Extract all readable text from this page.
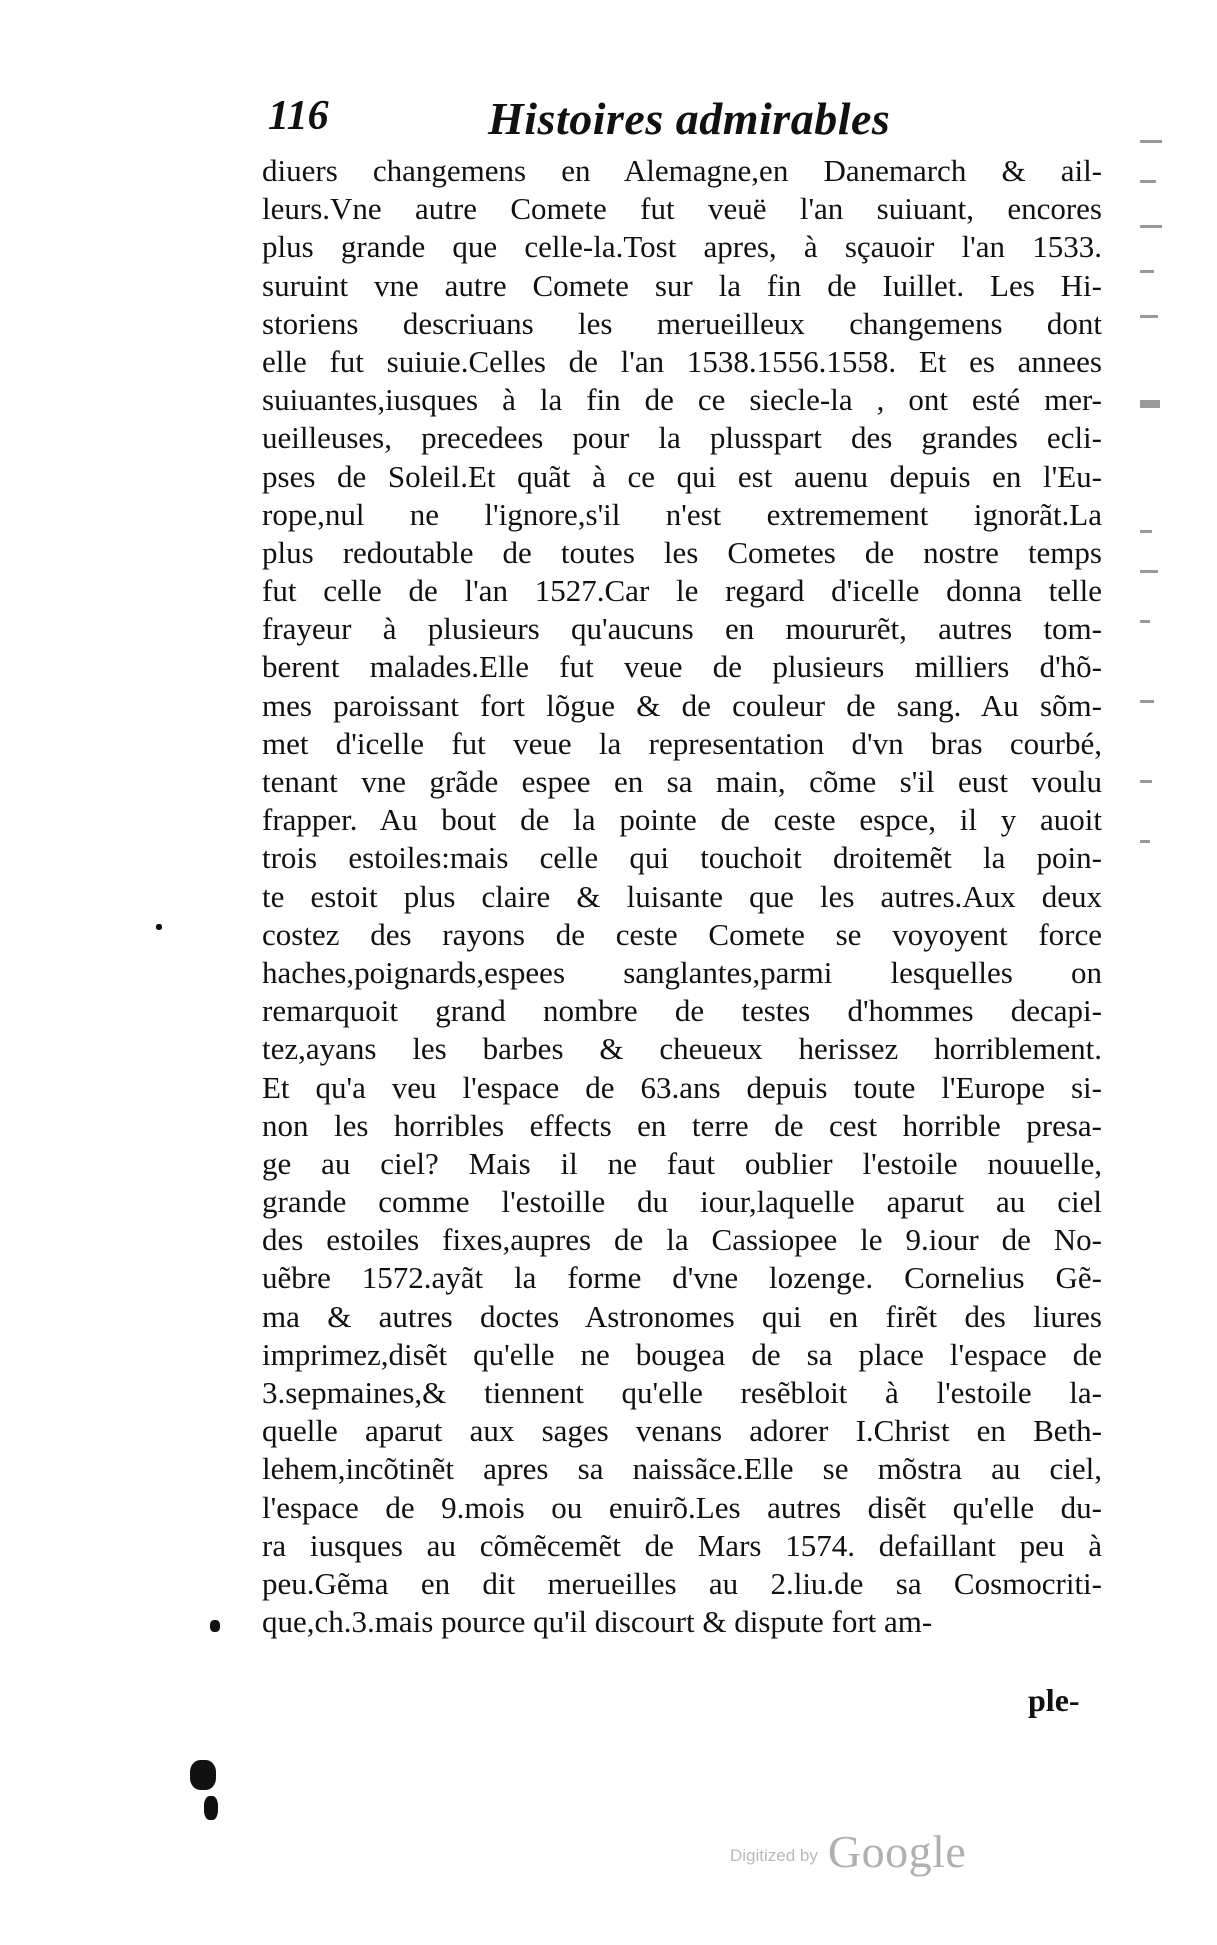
116	Histoires admirables
diuers changemens en Alemagne,en Danemarch & ail-
leurs.Vne autre Comete fut veuë l'an suiuant, encores
plus grande que celle-la.Tost apres, à sçauoir l'an 1533.
suruint vne autre Comete sur la fin de Iuillet. Les Hi-
storiens descriuans les merueilleux changemens dont
elle fut suiuie.Celles de l'an 1538.1556.1558. Et es annees
suiuantes,iusques à la fin de ce siecle-la , ont esté mer-
ueilleuses, precedees pour la plusspart des grandes ecli-
pses de Soleil.Et quãt à ce qui est auenu depuis en l'Eu-
rope,nul ne l'ignore,s'il n'est extremement ignorãt.La
plus redoutable de toutes les Cometes de nostre temps
fut celle de l'an 1527.Car le regard d'icelle donna telle
frayeur à plusieurs qu'aucuns en moururẽt, autres tom-
berent malades.Elle fut veue de plusieurs milliers d'hõ-
mes paroissant fort lõgue & de couleur de sang. Au sõm-
met d'icelle fut veue la representation d'vn bras courbé,
tenant vne grãde espee en sa main, cõme s'il eust voulu
frapper. Au bout de la pointe de ceste espce, il y auoit
trois estoiles:mais celle qui touchoit droitemẽt la poin-
te estoit plus claire & luisante que les autres.Aux deux
costez des rayons de ceste Comete se voyoyent force
haches,poignards,espees sanglantes,parmi lesquelles on
remarquoit grand nombre de testes d'hommes decapi-
tez,ayans les barbes & cheueux herissez horriblement.
Et qu'a veu l'espace de 63.ans depuis toute l'Europe si-
non les horribles effects en terre de cest horrible presa-
ge au ciel? Mais il ne faut oublier l'estoile nouuelle,
grande comme l'estoille du iour,laquelle aparut au ciel
des estoiles fixes,aupres de la Cassiopee le 9.iour de No-
uẽbre 1572.ayãt la forme d'vne lozenge. Cornelius Gẽ-
ma & autres doctes Astronomes qui en firẽt des liures
imprimez,disẽt qu'elle ne bougea de sa place l'espace de
3.sepmaines,& tiennent qu'elle resẽbloit à l'estoile la-
quelle aparut aux sages venans adorer I.Christ en Beth-
lehem,incõtinẽt apres sa naissãce.Elle se mõstra au ciel,
l'espace de 9.mois ou enuirõ.Les autres disẽt qu'elle du-
ra iusques au cõmẽcemẽt de Mars 1574. defaillant peu à
peu.Gẽma en dit merueilles au 2.liu.de sa Cosmocriti-
que,ch.3.mais pource qu'il discourt & dispute fort am-
ple-
Digitized by Google
